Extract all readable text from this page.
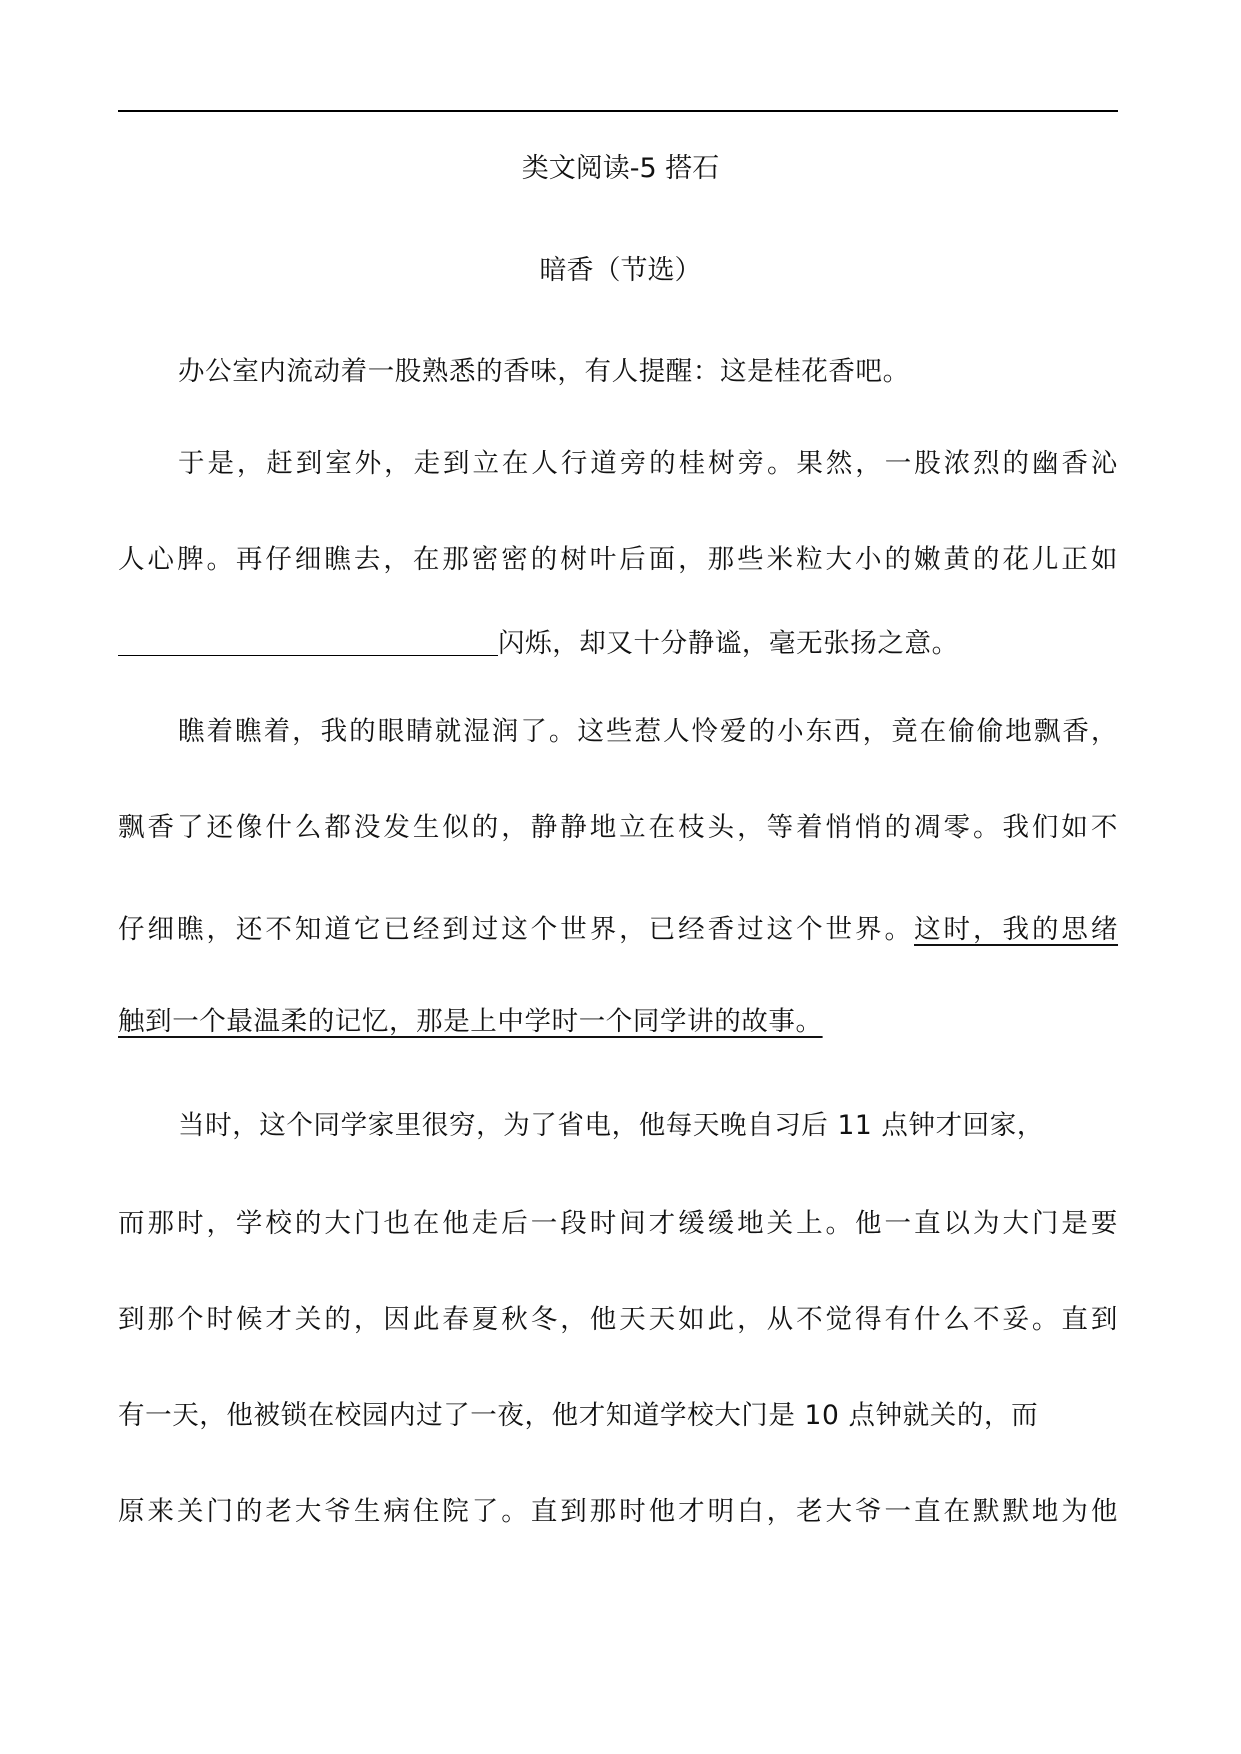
类文阅读-5 搭石
暗香（节选）
办公室内流动着一股熟悉的香味，有人提醒：这是桂花香吧。
于是，赶到室外，走到立在人行道旁的桂树旁。果然，一股浓烈的幽香沁
人心脾。再仔细瞧去，在那密密的树叶后面，那些米粒大小的嫩黄的花儿正如
闪烁，却又十分静谧，毫无张扬之意。
瞧着瞧着，我的眼睛就湿润了。这些惹人怜爱的小东西，竟在偷偷地飘香，
飘香了还像什么都没发生似的，静静地立在枝头，等着悄悄的凋零。我们如不
仔细瞧，还不知道它已经到过这个世界，已经香过这个世界。这时，我的思绪
触到一个最温柔的记忆，那是上中学时一个同学讲的故事。
当时，这个同学家里很穷，为了省电，他每天晚自习后 11 点钟才回家，
而那时，学校的大门也在他走后一段时间才缓缓地关上。他一直以为大门是要
到那个时候才关的，因此春夏秋冬，他天天如此，从不觉得有什么不妥。直到
有一天，他被锁在校园内过了一夜，他才知道学校大门是 10 点钟就关的，而
原来关门的老大爷生病住院了。直到那时他才明白，老大爷一直在默默地为他
